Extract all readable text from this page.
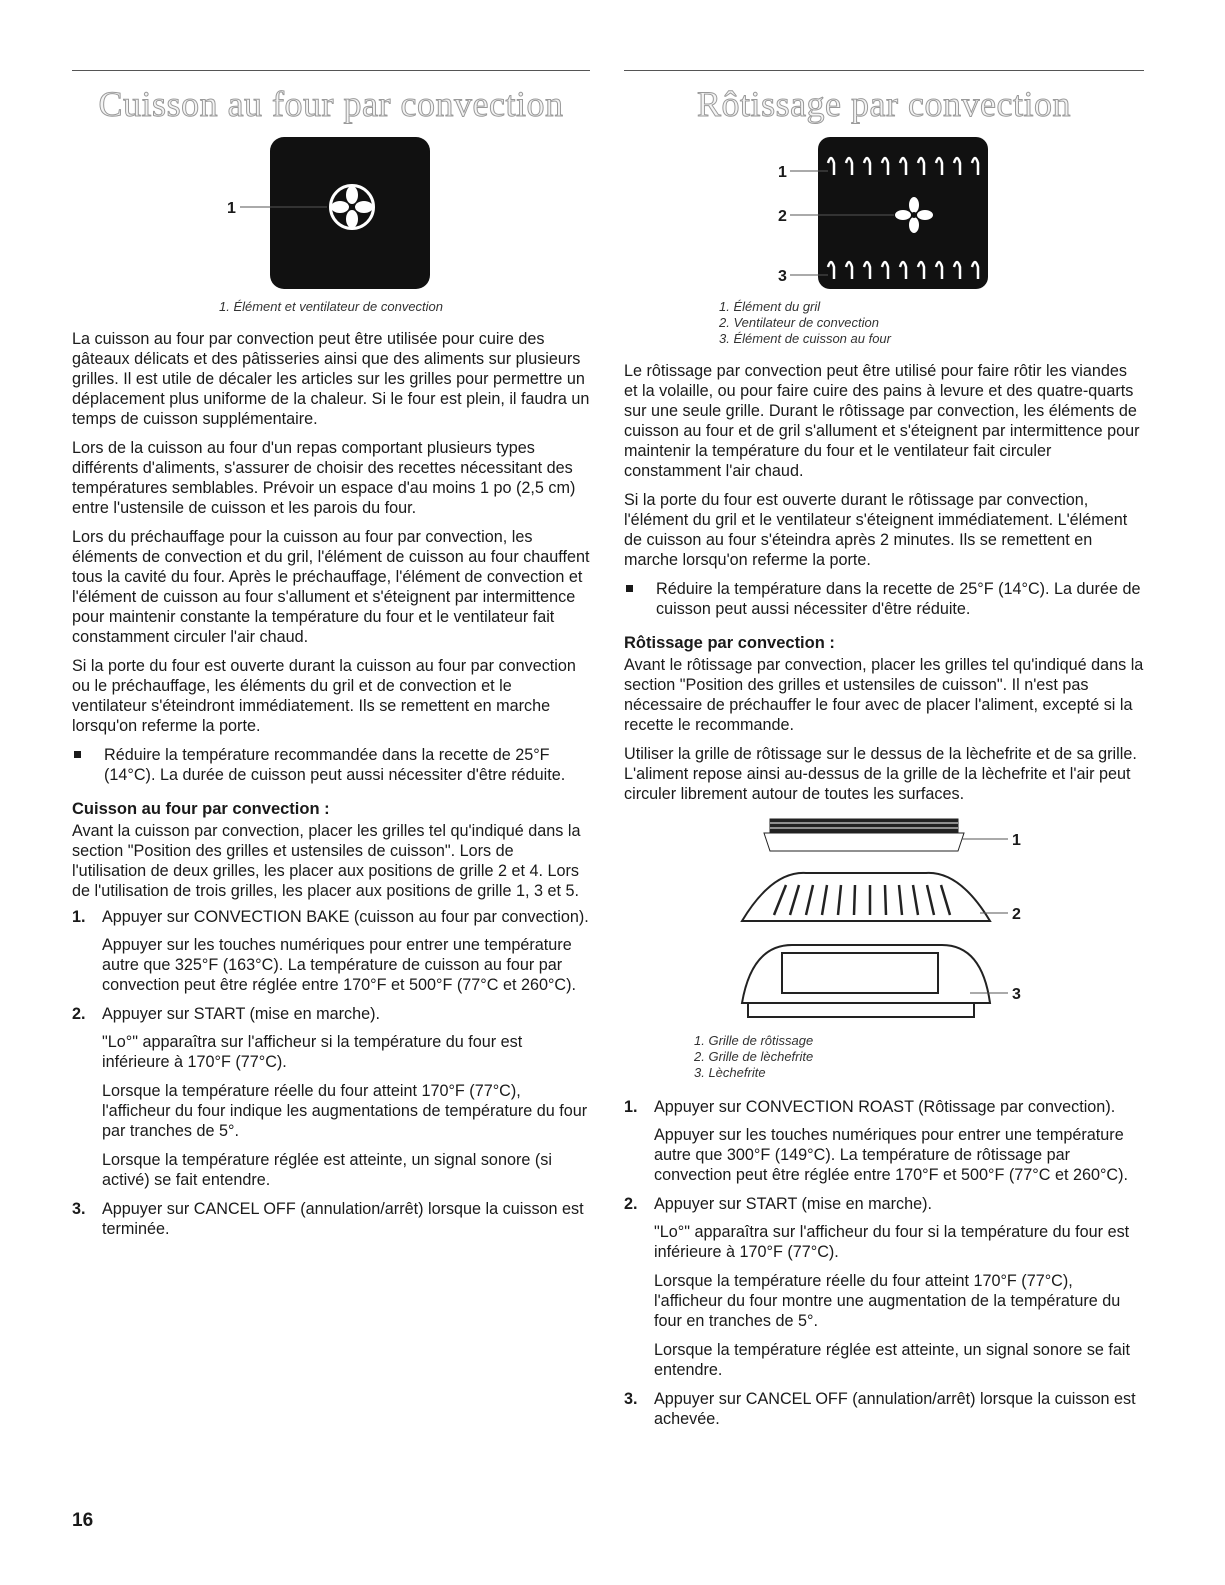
Cuisson au four par convection
1
1. Élément et ventilateur de convection

La cuisson au four par convection peut être utilisée pour cuire des gâteaux délicats et des pâtisseries ainsi que des aliments sur plusieurs grilles. Il est utile de décaler les articles sur les grilles pour permettre un déplacement plus uniforme de la chaleur. Si le four est plein, il faudra un temps de cuisson supplémentaire.

Lors de la cuisson au four d'un repas comportant plusieurs types différents d'aliments, s'assurer de choisir des recettes nécessitant des températures semblables. Prévoir un espace d'au moins 1 po (2,5 cm) entre l'ustensile de cuisson et les parois du four.

Lors du préchauffage pour la cuisson au four par convection, les éléments de convection et du gril, l'élément de cuisson au four chauffent tous la cavité du four. Après le préchauffage, l'élément de convection et l'élément de cuisson au four s'allument et s'éteignent par intermittence pour maintenir constante la température du four et le ventilateur fait constamment circuler l'air chaud.

Si la porte du four est ouverte durant la cuisson au four par convection ou le préchauffage, les éléments du gril et de convection et le ventilateur s'éteindront immédiatement. Ils se remettent en marche lorsqu'on referme la porte.

Réduire la température recommandée dans la recette de 25°F (14°C). La durée de cuisson peut aussi nécessiter d'être réduite.
Cuisson au four par convection :

Avant la cuisson par convection, placer les grilles tel qu'indiqué dans la section "Position des grilles et ustensiles de cuisson". Lors de l'utilisation de deux grilles, les placer aux positions de grille 2 et 4. Lors de l'utilisation de trois grilles, les placer aux positions de grille 1, 3 et 5.

1. Appuyer sur CONVECTION BAKE (cuisson au four par convection).
Appuyer sur les touches numériques pour entrer une température autre que 325°F (163°C). La température de cuisson au four par convection peut être réglée entre 170°F et 500°F (77°C et 260°C).
2. Appuyer sur START (mise en marche).
"Lo°" apparaîtra sur l'afficheur si la température du four est inférieure à 170°F (77°C).
Lorsque la température réelle du four atteint 170°F (77°C), l'afficheur du four indique les augmentations de température du four par tranches de 5°.
Lorsque la température réglée est atteinte, un signal sonore (si activé) se fait entendre.
3. Appuyer sur CANCEL OFF (annulation/arrêt) lorsque la cuisson est terminée.
Rôtissage par convection
1
2
3
1. Élément du gril
2. Ventilateur de convection
3. Élément de cuisson au four

Le rôtissage par convection peut être utilisé pour faire rôtir les viandes et la volaille, ou pour faire cuire des pains à levure et des quatre-quarts sur une seule grille. Durant le rôtissage par convection, les éléments de cuisson au four et de gril s'allument et s'éteignent par intermittence pour maintenir la température du four et le ventilateur fait circuler constamment l'air chaud.

Si la porte du four est ouverte durant le rôtissage par convection, l'élément du gril et le ventilateur s'éteignent immédiatement. L'élément de cuisson au four s'éteindra après 2 minutes. Ils se remettent en marche lorsqu'on referme la porte.

Réduire la température dans la recette de 25°F (14°C). La durée de cuisson peut aussi nécessiter d'être réduite.
Rôtissage par convection :

Avant le rôtissage par convection, placer les grilles tel qu'indiqué dans la section "Position des grilles et ustensiles de cuisson". Il n'est pas nécessaire de préchauffer le four avec de placer l'aliment, excepté si la recette le recommande.

Utiliser la grille de rôtissage sur le dessus de la lèchefrite et de sa grille. L'aliment repose ainsi au-dessus de la grille de la lèchefrite et l'air peut circuler librement autour de toutes les surfaces.

1
2
3
1. Grille de rôtissage
2. Grille de lèchefrite
3. Lèchefrite
1. Appuyer sur CONVECTION ROAST (Rôtissage par convection).
Appuyer sur les touches numériques pour entrer une température autre que 300°F (149°C). La température de rôtissage par convection peut être réglée entre 170°F et 500°F (77°C et 260°C).
2. Appuyer sur START (mise en marche).
"Lo°" apparaîtra sur l'afficheur du four si la température du four est inférieure à 170°F (77°C).
Lorsque la température réelle du four atteint 170°F (77°C), l'afficheur du four montre une augmentation de la température du four en tranches de 5°.
Lorsque la température réglée est atteinte, un signal sonore se fait entendre.
3. Appuyer sur CANCEL OFF (annulation/arrêt) lorsque la cuisson est achevée.
16
